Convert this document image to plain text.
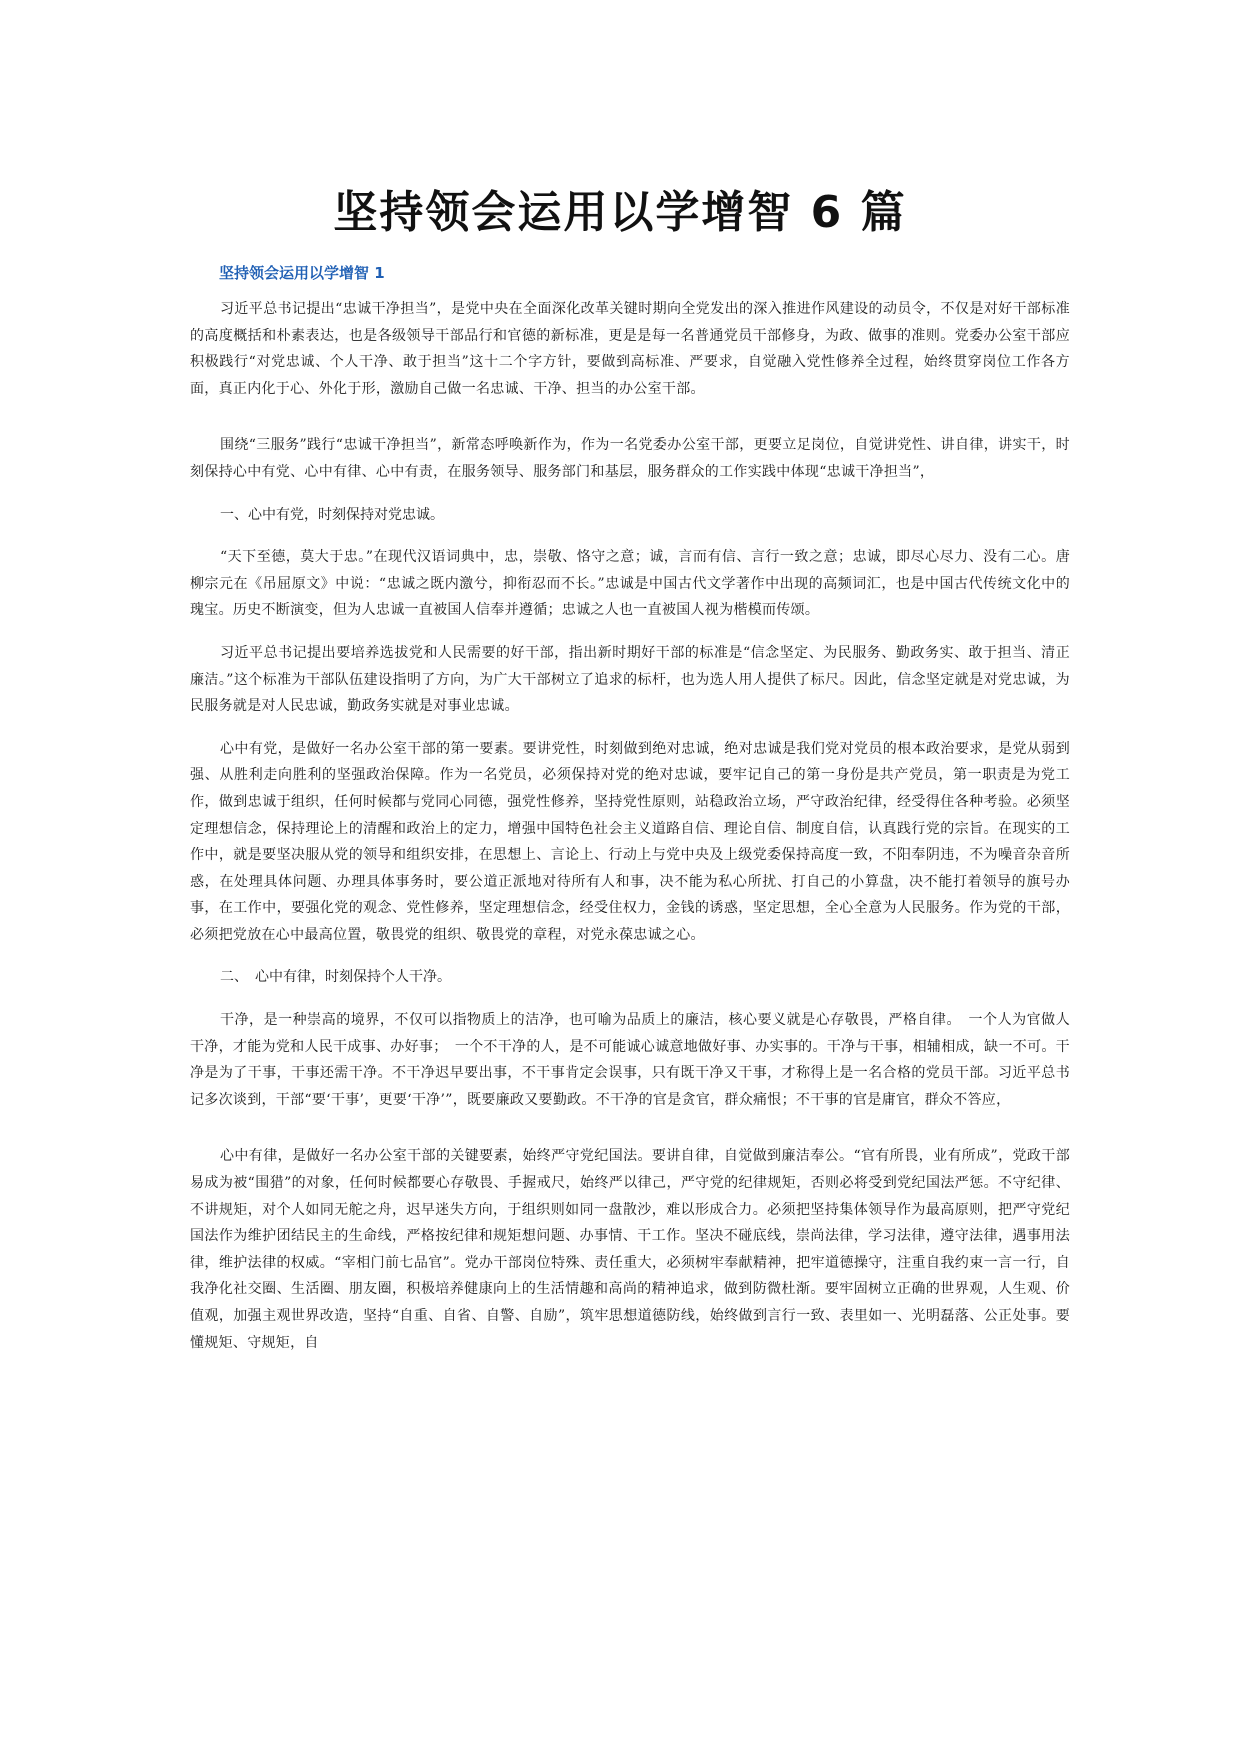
坚持领会运用以学增智 6 篇
坚持领会运用以学增智 1

习近平总书记提出“忠诚干净担当”，是党中央在全面深化改革关键时期向全党发出的深入推进作风建设的动员令，不仅是对好干部标准的高度概括和朴素表达，也是各级领导干部品行和官德的新标准，更是是每一名普通党员干部修身，为政、做事的准则。党委办公室干部应积极践行“对党忠诚、个人干净、敢于担当”这十二个字方针，要做到高标准、严要求，自觉融入党性修养全过程，始终贯穿岗位工作各方面，真正内化于心、外化于形，激励自己做一名忠诚、干净、担当的办公室干部。

围绕“三服务”践行“忠诚干净担当”，新常态呼唤新作为，作为一名党委办公室干部，更要立足岗位，自觉讲党性、讲自律，讲实干，时刻保持心中有党、心中有律、心中有责，在服务领导、服务部门和基层，服务群众的工作实践中体现“忠诚干净担当”，

一、心中有党，时刻保持对党忠诚。

“天下至德，莫大于忠。”在现代汉语词典中，忠，崇敬、恪守之意；诚，言而有信、言行一致之意；忠诚，即尽心尽力、没有二心。唐柳宗元在《吊屈原文》中说：“忠诚之既内激兮，抑衔忍而不长。”忠诚是中国古代文学著作中出现的高频词汇，也是中国古代传统文化中的瑰宝。历史不断演变，但为人忠诚一直被国人信奉并遵循；忠诚之人也一直被国人视为楷模而传颂。

习近平总书记提出要培养选拔党和人民需要的好干部，指出新时期好干部的标准是“信念坚定、为民服务、勤政务实、敢于担当、清正廉洁。”这个标准为干部队伍建设指明了方向，为广大干部树立了追求的标杆，也为选人用人提供了标尺。因此，信念坚定就是对党忠诚，为民服务就是对人民忠诚，勤政务实就是对事业忠诚。

心中有党，是做好一名办公室干部的第一要素。要讲党性，时刻做到绝对忠诚，绝对忠诚是我们党对党员的根本政治要求，是党从弱到强、从胜利走向胜利的坚强政治保障。作为一名党员，必须保持对党的绝对忠诚，要牢记自己的第一身份是共产党员，第一职责是为党工作，做到忠诚于组织，任何时候都与党同心同德，强党性修养，坚持党性原则，站稳政治立场，严守政治纪律，经受得住各种考验。必须坚定理想信念，保持理论上的清醒和政治上的定力，增强中国特色社会主义道路自信、理论自信、制度自信，认真践行党的宗旨。在现实的工作中，就是要坚决服从党的领导和组织安排，在思想上、言论上、行动上与党中央及上级党委保持高度一致，不阳奉阴违，不为噪音杂音所惑，在处理具体问题、办理具体事务时，要公道正派地对待所有人和事，决不能为私心所扰、打自己的小算盘，决不能打着领导的旗号办事，在工作中，要强化党的观念、党性修养，坚定理想信念，经受住权力，金钱的诱惑，坚定思想，全心全意为人民服务。作为党的干部，必须把党放在心中最高位置，敬畏党的组织、敬畏党的章程，对党永葆忠诚之心。

二、　心中有律，时刻保持个人干净。

干净，是一种崇高的境界，不仅可以指物质上的洁净，也可喻为品质上的廉洁，核心要义就是心存敬畏，严格自律。　一个人为官做人干净，才能为党和人民干成事、办好事；　一个不干净的人，是不可能诚心诚意地做好事、办实事的。干净与干事，相辅相成，缺一不可。干净是为了干事，干事还需干净。不干净迟早要出事，不干事肯定会误事，只有既干净又干事，才称得上是一名合格的党员干部。习近平总书记多次谈到，干部“要‘干事’，更要‘干净’”，既要廉政又要勤政。不干净的官是贪官，群众痛恨；不干事的官是庸官，群众不答应，

心中有律，是做好一名办公室干部的关键要素，始终严守党纪国法。要讲自律，自觉做到廉洁奉公。“官有所畏，业有所成”，党政干部易成为被“围猎”的对象，任何时候都要心存敬畏、手握戒尺，始终严以律己，严守党的纪律规矩，否则必将受到党纪国法严惩。不守纪律、不讲规矩，对个人如同无舵之舟，迟早迷失方向，于组织则如同一盘散沙，难以形成合力。必须把坚持集体领导作为最高原则，把严守党纪国法作为维护团结民主的生命线，严格按纪律和规矩想问题、办事情、干工作。坚决不碰底线，崇尚法律，学习法律，遵守法律，遇事用法律，维护法律的权威。“宰相门前七品官”。党办干部岗位特殊、责任重大，必须树牢奉献精神，把牢道德操守，注重自我约束一言一行，自我净化社交圈、生活圈、朋友圈，积极培养健康向上的生活情趣和高尚的精神追求，做到防微杜渐。要牢固树立正确的世界观，人生观、价值观，加强主观世界改造，坚持“自重、自省、自警、自励”，筑牢思想道德防线，始终做到言行一致、表里如一、光明磊落、公正处事。要懂规矩、守规矩，自
